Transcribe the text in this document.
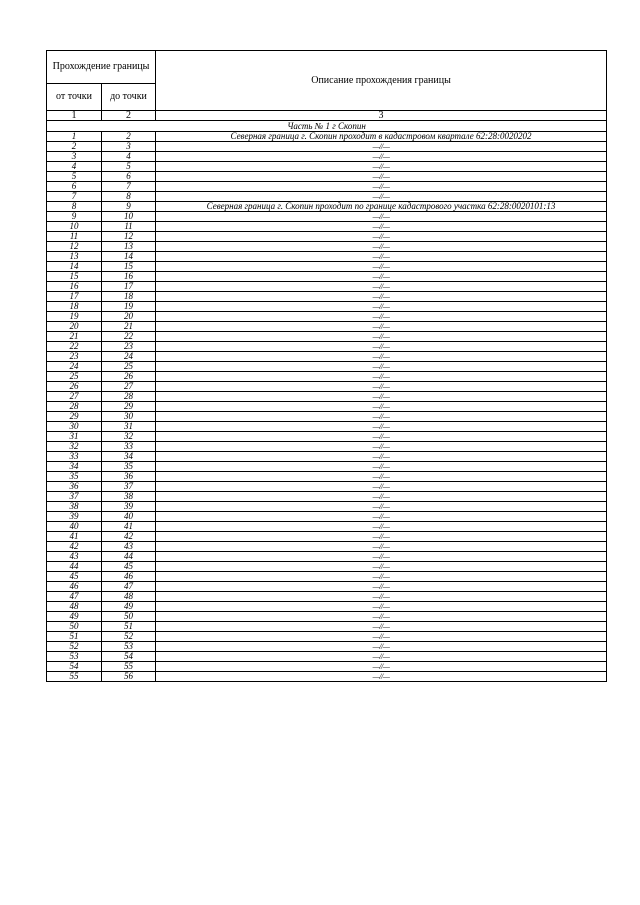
Прохождение границы		Описание прохождения границы
от точки	до точки	
1	2	3
Часть № 1 г Скопин		
1	2	Северная граница г. Скопин проходит в кадастровом квартале 62:28:0020202
2	3	—//—
3	4	—//—
4	5	—//—
5	6	—//—
6	7	—//—
7	8	—//—
8	9	Северная граница г. Скопин проходит по границе кадастрового участка 62:28:0020101:13
9	10	—//—
10	11	—//—
11	12	—//—
12	13	—//—
13	14	—//—
14	15	—//—
15	16	—//—
16	17	—//—
17	18	—//—
18	19	—//—
19	20	—//—
20	21	—//—
21	22	—//—
22	23	—//—
23	24	—//—
24	25	—//—
25	26	—//—
26	27	—//—
27	28	—//—
28	29	—//—
29	30	—//—
30	31	—//—
31	32	—//—
32	33	—//—
33	34	—//—
34	35	—//—
35	36	—//—
36	37	—//—
37	38	—//—
38	39	—//—
39	40	—//—
40	41	—//—
41	42	—//—
42	43	—//—
43	44	—//—
44	45	—//—
45	46	—//—
46	47	—//—
47	48	—//—
48	49	—//—
49	50	—//—
50	51	—//—
51	52	—//—
52	53	—//—
53	54	—//—
54	55	—//—
55	56	—//—
